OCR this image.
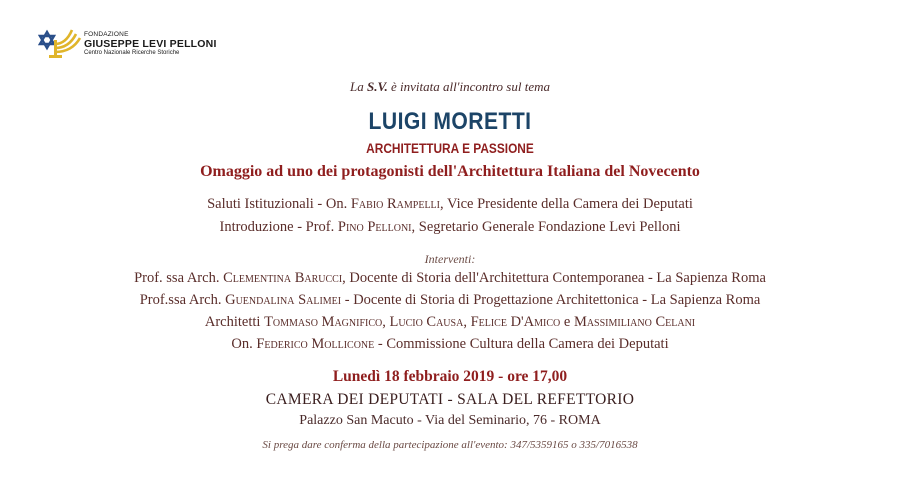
FONDAZIONE
GIUSEPPE LEVI PELLONI
Centro Nazionale Ricerche Storiche
La S.V. è invitata all'incontro sul tema
LUIGI MORETTI
ARCHITETTURA E PASSIONE
Omaggio ad uno dei protagonisti dell'Architettura Italiana del Novecento
Saluti Istituzionali - On. Fabio Rampelli, Vice Presidente della Camera dei Deputati
Introduzione - Prof. Pino Pelloni, Segretario Generale Fondazione Levi Pelloni
Interventi:
Prof. ssa Arch. Clementina Barucci, Docente di Storia dell'Architettura Contemporanea - La Sapienza Roma
Prof.ssa Arch. Guendalina Salimei - Docente di Storia di Progettazione Architettonica - La Sapienza Roma
Architetti Tommaso Magnifico, Lucio Causa, Felice D'Amico e Massimiliano Celani
On. Federico Mollicone - Commissione Cultura della Camera dei Deputati
Lunedì 18 febbraio 2019 - ore 17,00
CAMERA DEI DEPUTATI - SALA DEL REFETTORIO
Palazzo San Macuto - Via del Seminario, 76 - ROMA
Si prega dare conferma della partecipazione all'evento: 347/5359165 o 335/7016538
